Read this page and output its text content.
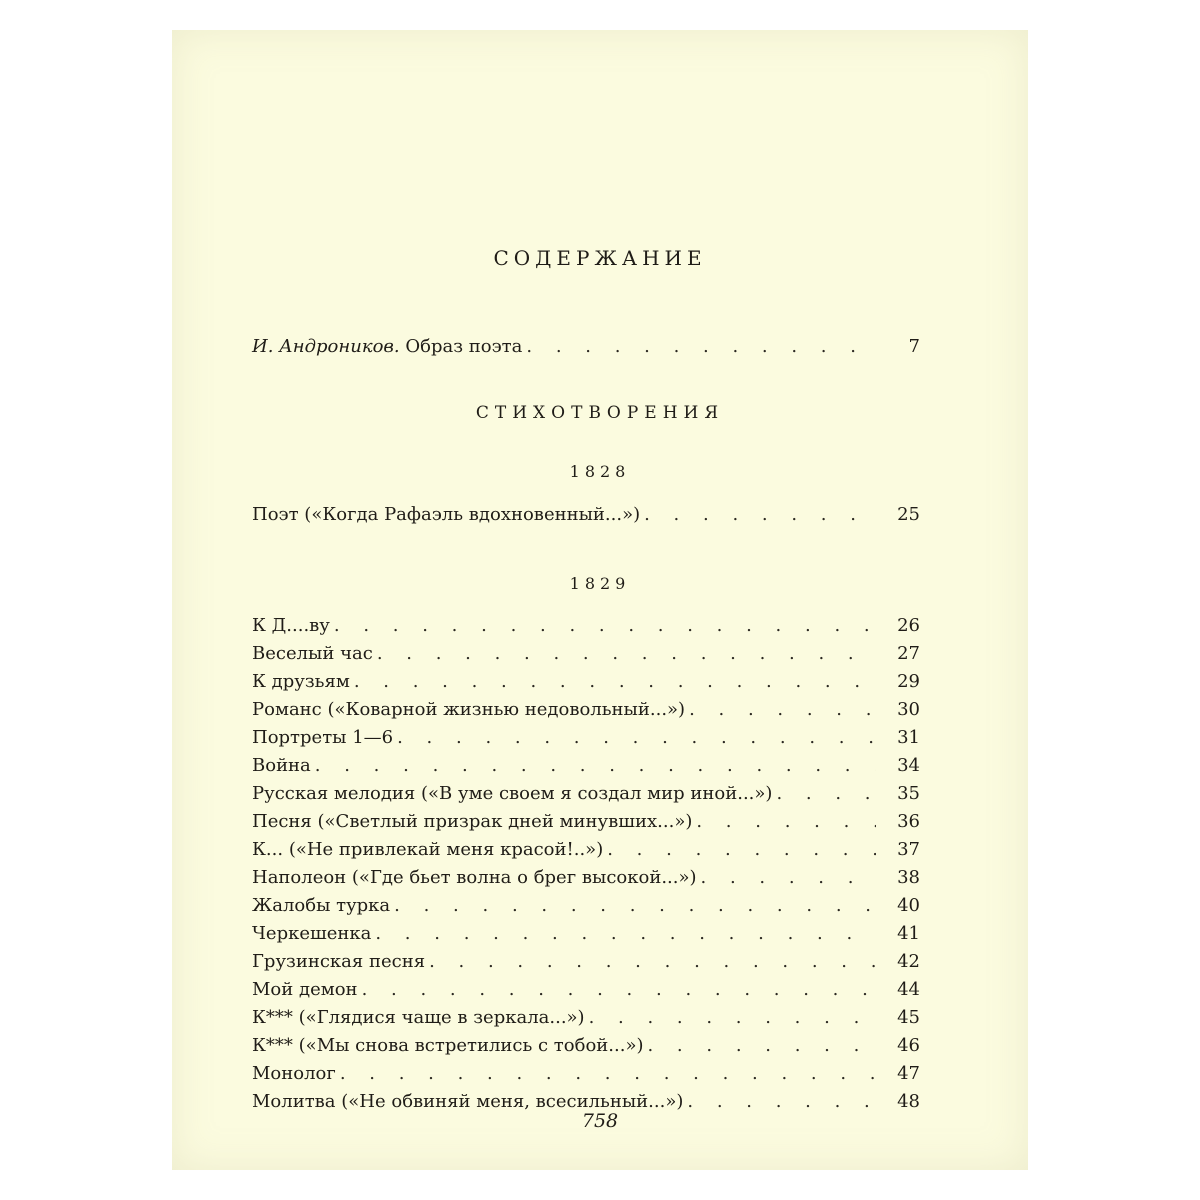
СОДЕРЖАНИЕ
И. Андроников. Образ поэта . . .	7
СТИХОТВОРЕНИЯ
1828
Поэт («Когда Рафаэль вдохновенный...») . . .	25
1829
К Д....ву . . .	26
Веселый час . . .	27
К друзьям . . .	29
Романс («Коварной жизнью недовольный...») . . .	30
Портреты 1—6 . . .	31
Война . . .	34
Русская мелодия («В уме своем я создал мир иной...») . . .	35
Песня («Светлый призрак дней минувших...») . . .	36
К... («Не привлекай меня красой!..») . . .	37
Наполеон («Где бьет волна о брег высокой...») . . .	38
Жалобы турка . . .	40
Черкешенка . . .	41
Грузинская песня . . .	42
Мой демон . . .	44
К*** («Глядися чаще в зеркала...») . . .	45
К*** («Мы снова встретились с тобой...») . . .	46
Монолог . . .	47
Молитва («Не обвиняй меня, всесильный...») . . .	48
758
